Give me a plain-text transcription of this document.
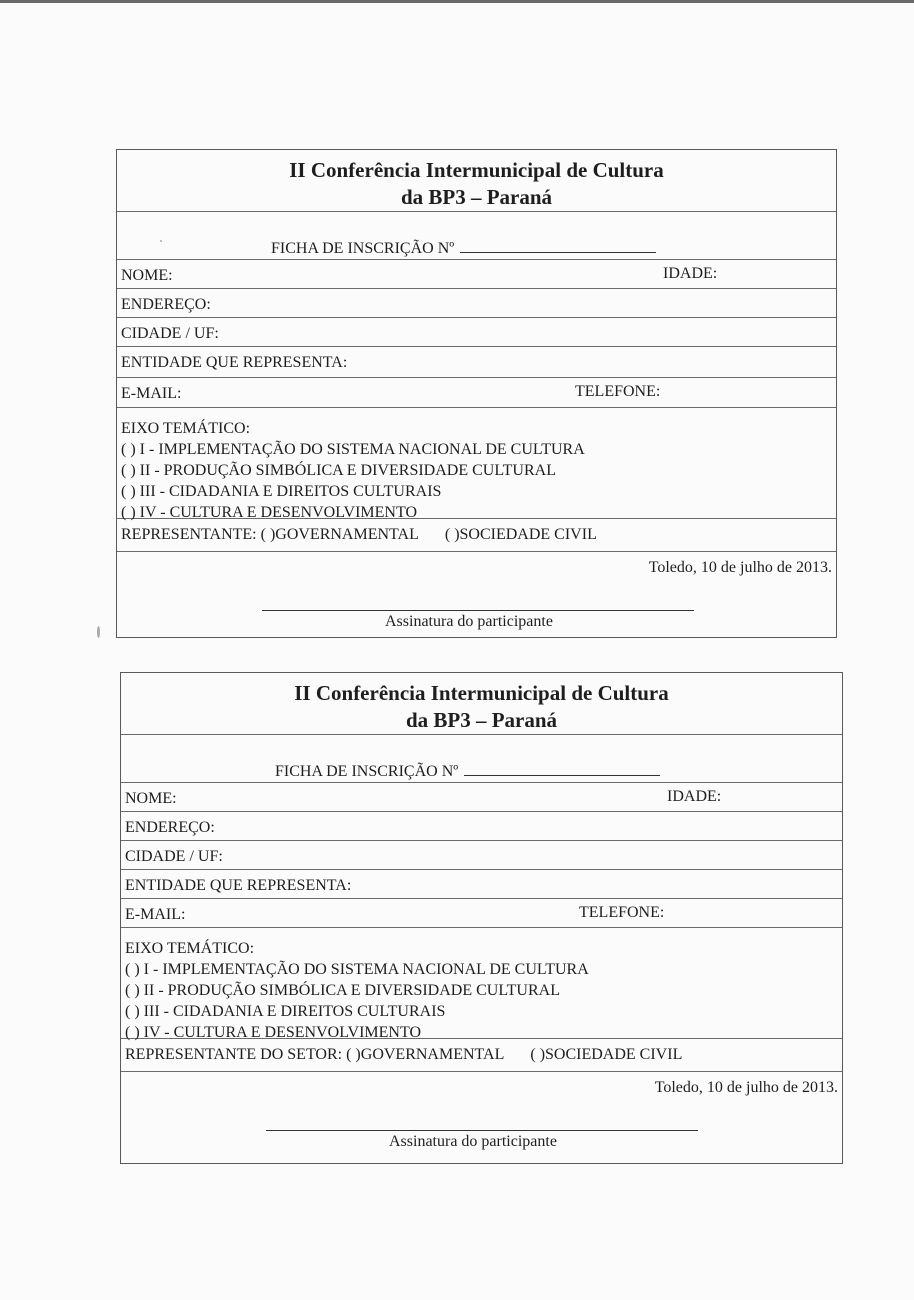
II Conferência Intermunicipal de Cultura
da BP3 – Paraná
FICHA DE INSCRIÇÃO Nº
NOME:	IDADE:
ENDEREÇO:
CIDADE / UF:
ENTIDADE QUE REPRESENTA:
E-MAIL:	TELEFONE:
EIXO TEMÁTICO:
( ) I - IMPLEMENTAÇÃO DO SISTEMA NACIONAL DE CULTURA
( ) II - PRODUÇÃO SIMBÓLICA E DIVERSIDADE CULTURAL
( ) III - CIDADANIA E DIREITOS CULTURAIS
( ) IV - CULTURA E DESENVOLVIMENTO
REPRESENTANTE: ( )GOVERNAMENTAL ( )SOCIEDADE CIVIL
Toledo, 10 de julho de 2013.
Assinatura do participante
II Conferência Intermunicipal de Cultura
da BP3 – Paraná
FICHA DE INSCRIÇÃO Nº
NOME:	IDADE:
ENDEREÇO:
CIDADE / UF:
ENTIDADE QUE REPRESENTA:
E-MAIL:	TELEFONE:
EIXO TEMÁTICO:
( ) I - IMPLEMENTAÇÃO DO SISTEMA NACIONAL DE CULTURA
( ) II - PRODUÇÃO SIMBÓLICA E DIVERSIDADE CULTURAL
( ) III - CIDADANIA E DIREITOS CULTURAIS
( ) IV - CULTURA E DESENVOLVIMENTO
REPRESENTANTE DO SETOR: ( )GOVERNAMENTAL ( )SOCIEDADE CIVIL
Toledo, 10 de julho de 2013.
Assinatura do participante
